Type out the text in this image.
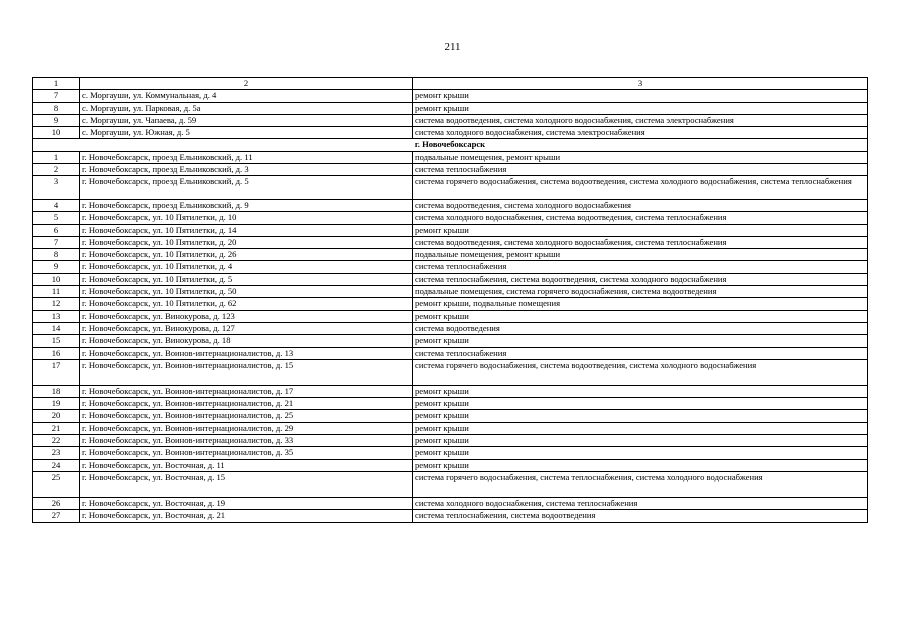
211
1	2	3
7	с. Моргауши, ул. Коммунальная, д. 4	ремонт крыши
8	с. Моргауши, ул. Парковая, д. 5а	ремонт крыши
9	с. Моргауши, ул. Чапаева, д. 59	система водоотведения, система холодного водоснабжения, система электроснабжения
10	с. Моргауши, ул. Южная, д. 5	система холодного водоснабжения, система электроснабжения
г. Новочебоксарск		
1	г. Новочебоксарск, проезд Ельниковский, д. 11	подвальные помещения, ремонт крыши
2	г. Новочебоксарск, проезд Ельниковский, д. 3	система теплоснабжения
3	г. Новочебоксарск, проезд Ельниковский, д. 5	система горячего водоснабжения, система водоотведения, система холодного водоснабжения, система теплоснабжения
4	г. Новочебоксарск, проезд Ельниковский, д. 9	система водоотведения, система холодного водоснабжения
5	г. Новочебоксарск, ул. 10 Пятилетки, д. 10	система холодного водоснабжения, система водоотведения, система теплоснабжения
6	г. Новочебоксарск, ул. 10 Пятилетки, д. 14	ремонт крыши
7	г. Новочебоксарск, ул. 10 Пятилетки, д. 20	система водоотведения, система холодного водоснабжения, система теплоснабжения
8	г. Новочебоксарск, ул. 10 Пятилетки, д. 26	подвальные помещения, ремонт крыши
9	г. Новочебоксарск, ул. 10 Пятилетки, д. 4	система теплоснабжения
10	г. Новочебоксарск, ул. 10 Пятилетки, д. 5	система теплоснабжения, система водоотведения, система холодного водоснабжения
11	г. Новочебоксарск, ул. 10 Пятилетки, д. 50	подвальные помещения, система горячего водоснабжения, система водоотведения
12	г. Новочебоксарск, ул. 10 Пятилетки, д. 62	ремонт крыши, подвальные помещения
13	г. Новочебоксарск, ул. Винокурова, д. 123	ремонт крыши
14	г. Новочебоксарск, ул. Винокурова, д. 127	система водоотведения
15	г. Новочебоксарск, ул. Винокурова, д. 18	ремонт крыши
16	г. Новочебоксарск, ул. Воинов-интернационалистов, д. 13	система теплоснабжения
17	г. Новочебоксарск, ул. Воинов-интернационалистов, д. 15	система горячего водоснабжения, система водоотведения, система холодного водоснабжения
18	г. Новочебоксарск, ул. Воинов-интернационалистов, д. 17	ремонт крыши
19	г. Новочебоксарск, ул. Воинов-интернационалистов, д. 21	ремонт крыши
20	г. Новочебоксарск, ул. Воинов-интернационалистов, д. 25	ремонт крыши
21	г. Новочебоксарск, ул. Воинов-интернационалистов, д. 29	ремонт крыши
22	г. Новочебоксарск, ул. Воинов-интернационалистов, д. 33	ремонт крыши
23	г. Новочебоксарск, ул. Воинов-интернационалистов, д. 35	ремонт крыши
24	г. Новочебоксарск, ул. Восточная, д. 11	ремонт крыши
25	г. Новочебоксарск, ул. Восточная, д. 15	система горячего водоснабжения, система теплоснабжения, система холодного водоснабжения
26	г. Новочебоксарск, ул. Восточная, д. 19	система холодного водоснабжения, система теплоснабжения
27	г. Новочебоксарск, ул. Восточная, д. 21	система теплоснабжения, система водоотведения
